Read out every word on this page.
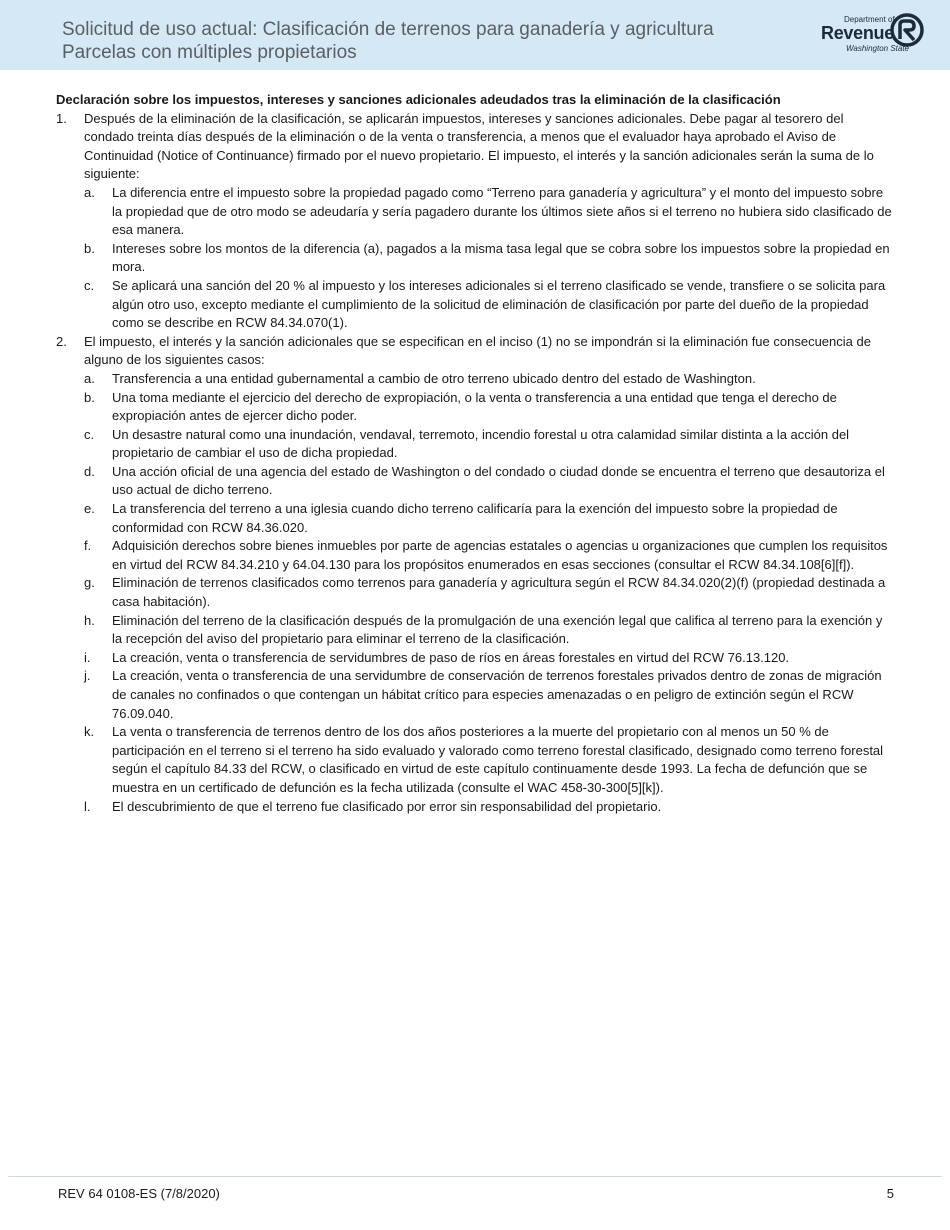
Solicitud de uso actual: Clasificación de terrenos para ganadería y agricultura
Parcelas con múltiples propietarios
Department of
Revenue
Washington State
Declaración sobre los impuestos, intereses y sanciones adicionales adeudados tras la eliminación de la clasificación
1. Después de la eliminación de la clasificación, se aplicarán impuestos, intereses y sanciones adicionales. Debe pagar al tesorero del condado treinta días después de la eliminación o de la venta o transferencia, a menos que el evaluador haya aprobado el Aviso de Continuidad (Notice of Continuance) firmado por el nuevo propietario. El impuesto, el interés y la sanción adicionales serán la suma de lo siguiente:
a. La diferencia entre el impuesto sobre la propiedad pagado como “Terreno para ganadería y agricultura” y el monto del impuesto sobre la propiedad que de otro modo se adeudaría y sería pagadero durante los últimos siete años si el terreno no hubiera sido clasificado de esa manera.
b. Intereses sobre los montos de la diferencia (a), pagados a la misma tasa legal que se cobra sobre los impuestos sobre la propiedad en mora.
c. Se aplicará una sanción del 20 % al impuesto y los intereses adicionales si el terreno clasificado se vende, transfiere o se solicita para algún otro uso, excepto mediante el cumplimiento de la solicitud de eliminación de clasificación por parte del dueño de la propiedad como se describe en RCW 84.34.070(1).
2. El impuesto, el interés y la sanción adicionales que se especifican en el inciso (1) no se impondrán si la eliminación fue consecuencia de alguno de los siguientes casos:
a. Transferencia a una entidad gubernamental a cambio de otro terreno ubicado dentro del estado de Washington.
b. Una toma mediante el ejercicio del derecho de expropiación, o la venta o transferencia a una entidad que tenga el derecho de expropiación antes de ejercer dicho poder.
c. Un desastre natural como una inundación, vendaval, terremoto, incendio forestal u otra calamidad similar distinta a la acción del propietario de cambiar el uso de dicha propiedad.
d. Una acción oficial de una agencia del estado de Washington o del condado o ciudad donde se encuentra el terreno que desautoriza el uso actual de dicho terreno.
e. La transferencia del terreno a una iglesia cuando dicho terreno calificaría para la exención del impuesto sobre la propiedad de conformidad con RCW 84.36.020.
f. Adquisición derechos sobre bienes inmuebles por parte de agencias estatales o agencias u organizaciones que cumplen los requisitos en virtud del RCW 84.34.210 y 64.04.130 para los propósitos enumerados en esas secciones (consultar el RCW 84.34.108[6][f]).
g. Eliminación de terrenos clasificados como terrenos para ganadería y agricultura según el RCW 84.34.020(2)(f) (propiedad destinada a casa habitación).
h. Eliminación del terreno de la clasificación después de la promulgación de una exención legal que califica al terreno para la exención y la recepción del aviso del propietario para eliminar el terreno de la clasificación.
i. La creación, venta o transferencia de servidumbres de paso de ríos en áreas forestales en virtud del RCW 76.13.120.
j. La creación, venta o transferencia de una servidumbre de conservación de terrenos forestales privados dentro de zonas de migración de canales no confinados o que contengan un hábitat crítico para especies amenazadas o en peligro de extinción según el RCW 76.09.040.
k. La venta o transferencia de terrenos dentro de los dos años posteriores a la muerte del propietario con al menos un 50 % de participación en el terreno si el terreno ha sido evaluado y valorado como terreno forestal clasificado, designado como terreno forestal según el capítulo 84.33 del RCW, o clasificado en virtud de este capítulo continuamente desde 1993. La fecha de defunción que se muestra en un certificado de defunción es la fecha utilizada (consulte el WAC 458-30-300[5][k]).
l. El descubrimiento de que el terreno fue clasificado por error sin responsabilidad del propietario.
REV 64 0108-ES (7/8/2020)	5
